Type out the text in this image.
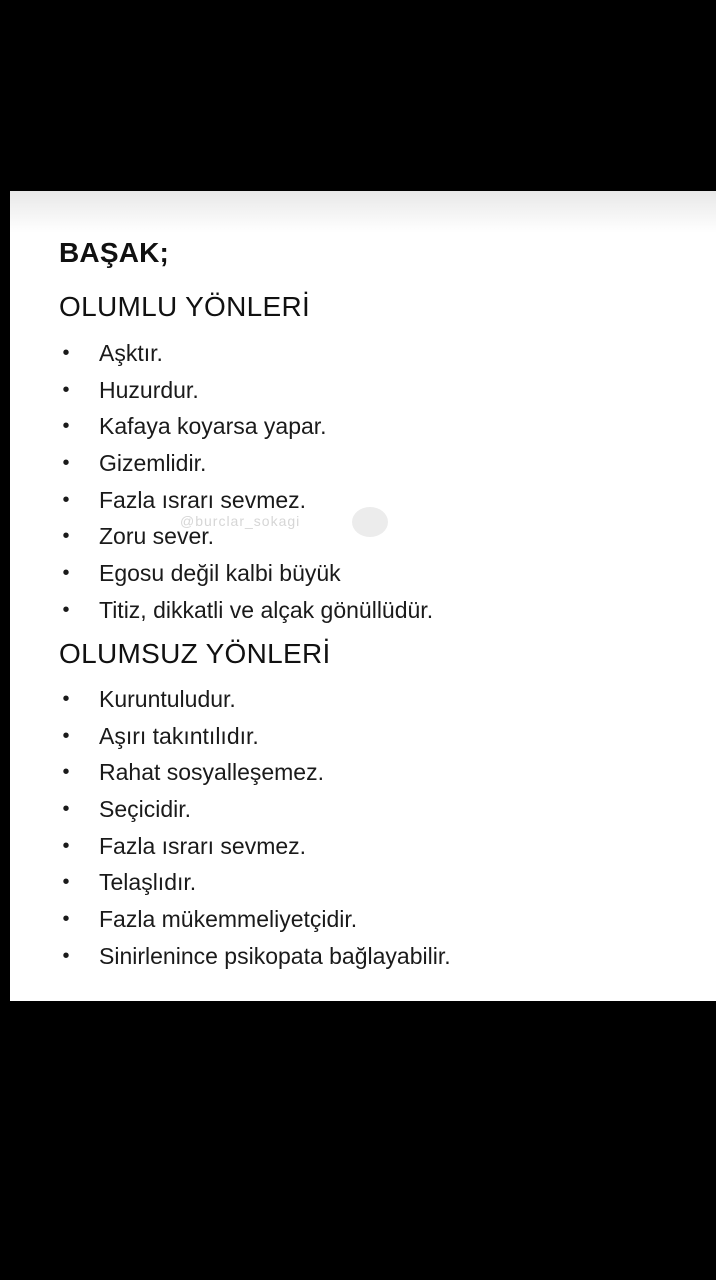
BAŞAK;
OLUMLU YÖNLERİ
• Aşktır.
• Huzurdur.
• Kafaya koyarsa yapar.
• Gizemlidir.
• Fazla ısrarı sevmez.
• Zoru sever.
• Egosu değil kalbi büyük
• Titiz, dikkatli ve alçak gönüllüdür.
OLUMSUZ YÖNLERİ
• Kuruntuludur.
• Aşırı takıntılıdır.
• Rahat sosyalleşemez.
• Seçicidir.
• Fazla ısrarı sevmez.
• Telaşlıdır.
• Fazla mükemmeliyetçidir.
• Sinirlenince psikopata bağlayabilir.
@burclar_sokagi
